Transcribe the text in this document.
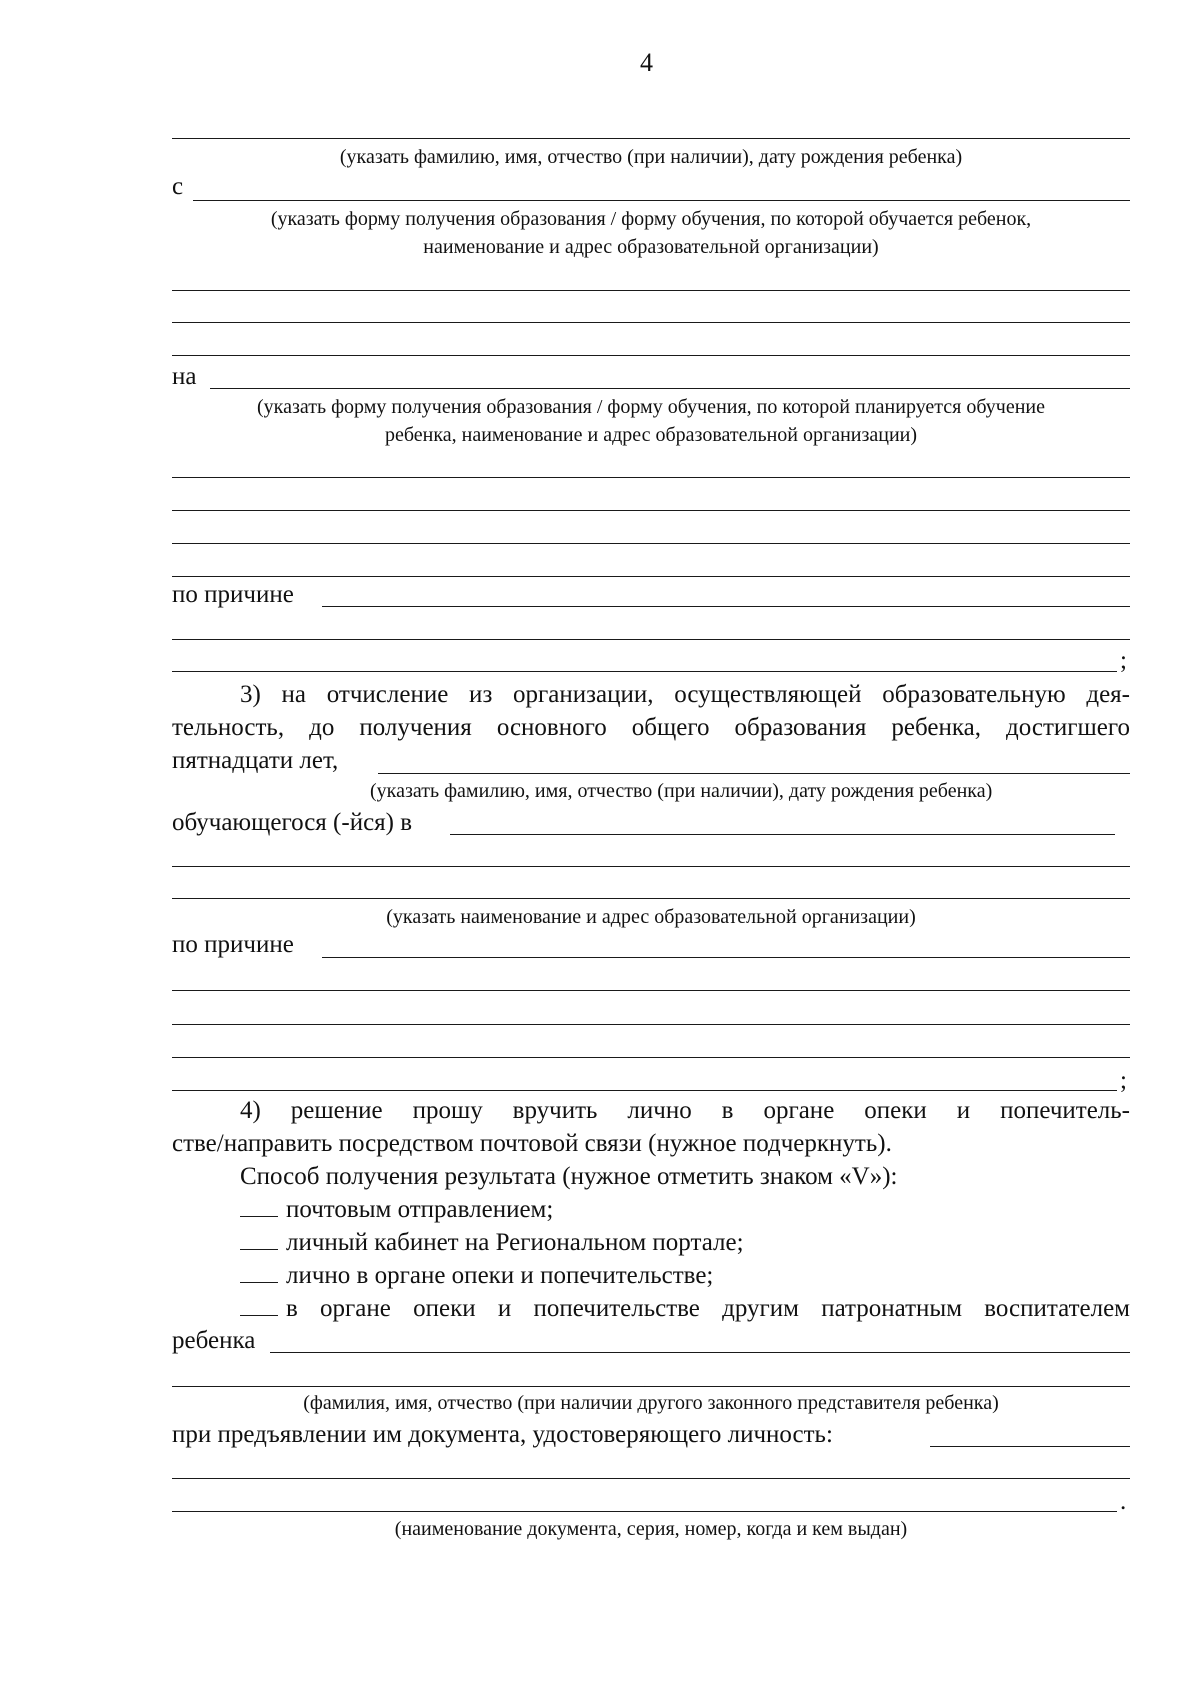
4
(указать фамилию, имя, отчество (при наличии), дату рождения ребенка)
с
(указать форму получения образования / форму обучения, по которой обучается ребенок,
наименование и адрес образовательной организации)
на
(указать форму получения образования / форму обучения, по которой планируется обучение
ребенка, наименование и адрес образовательной организации)
по причине
;
3) на отчисление из организации, осуществляющей образовательную дея-
тельность, до получения основного общего образования ребенка, достигшего
пятнадцати лет,
(указать фамилию, имя, отчество (при наличии), дату рождения ребенка)
обучающегося (-йся) в
(указать наименование и адрес образовательной организации)
по причине
;
4) решение прошу вручить лично в органе опеки и попечитель-
стве/направить посредством почтовой связи (нужное подчеркнуть).
Способ получения результата (нужное отметить знаком «V»):
почтовым отправлением;
личный кабинет на Региональном портале;
лично в органе опеки и попечительстве;
в органе опеки и попечительстве другим патронатным воспитателем
ребенка
(фамилия, имя, отчество (при наличии другого законного представителя ребенка)
при предъявлении им документа, удостоверяющего личность:
.
(наименование документа, серия, номер, когда и кем выдан)
